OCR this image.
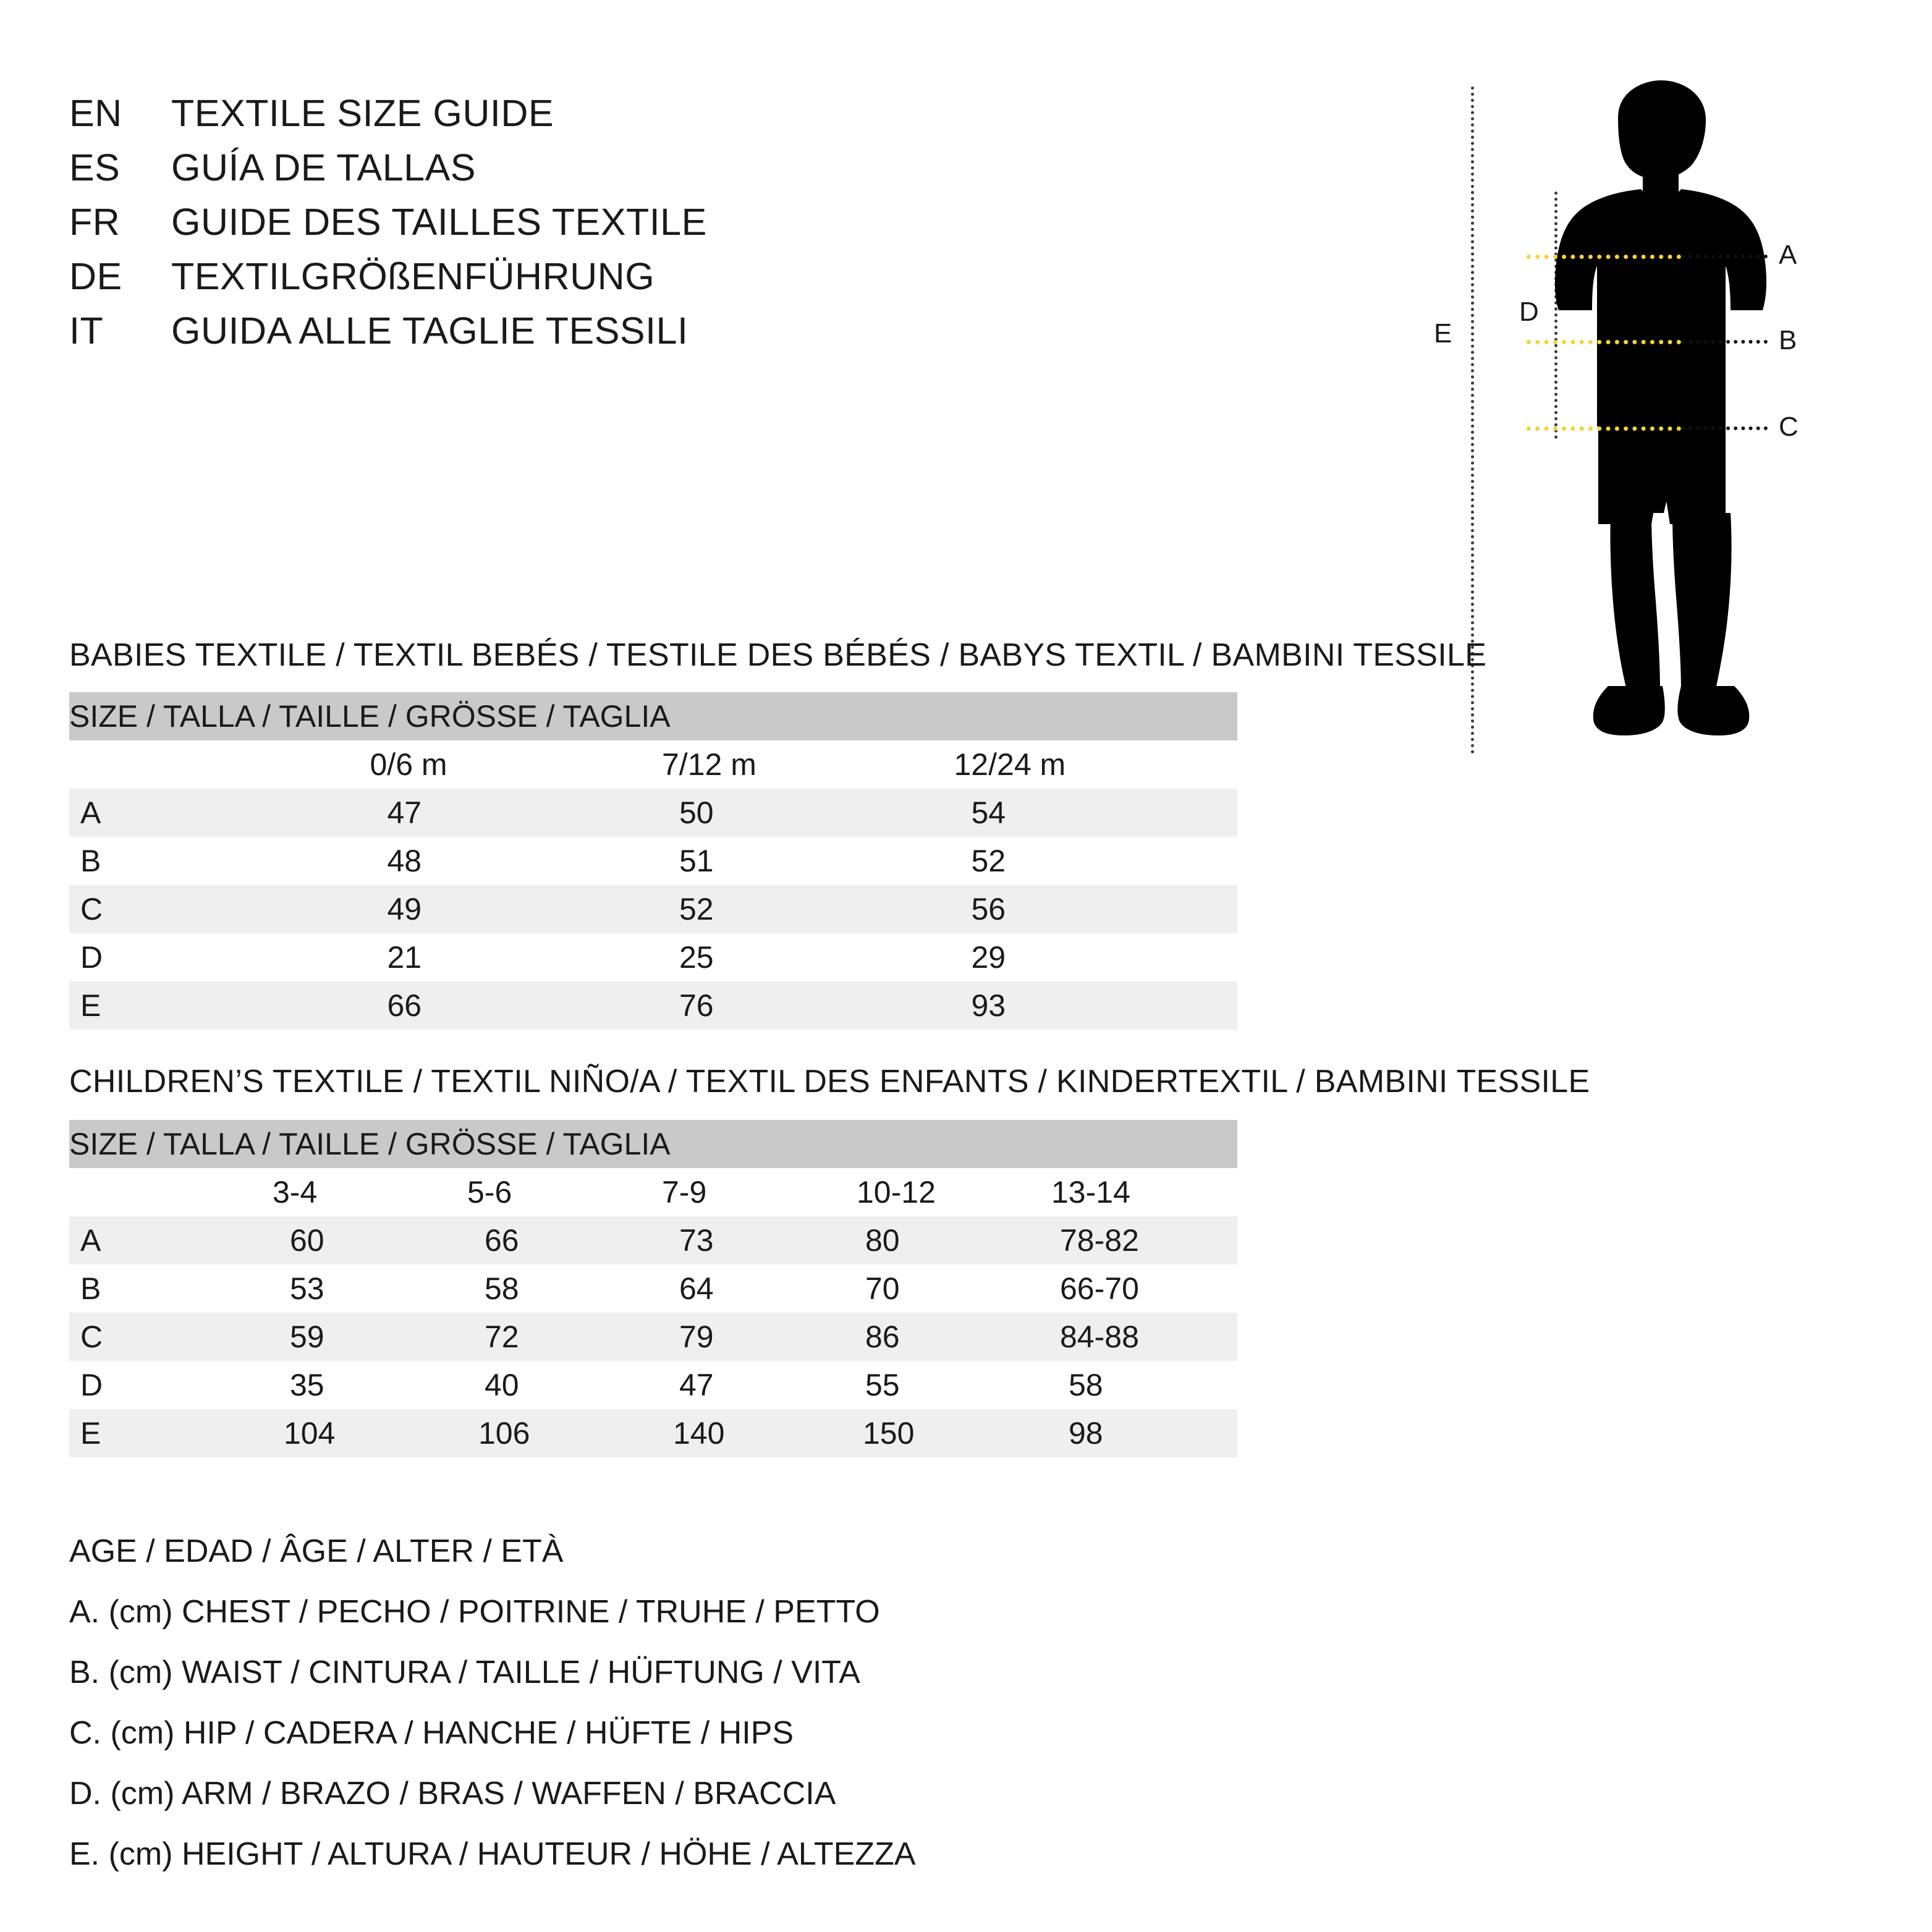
EN	TEXTILE SIZE GUIDE
ES	GUÍA DE TALLAS
FR	GUIDE DES TAILLES TEXTILE
DE	TEXTILGRÖßENFÜHRUNG
IT	GUIDA ALLE TAGLIE TESSILI	E
D
A
B
C
BABIES TEXTILE / TEXTIL BEBÉS / TESTILE DES BÉBÉS / BABYS TEXTIL / BAMBINI TESSILE
SIZE / TALLA / TAILLE / GRÖSSE / TAGLIA			
	0/6 m	7/12 m	12/24 m
A	47	50	54
B	48	51	52
C	49	52	56
D	21	25	29
E	66	76	93
CHILDREN’S TEXTILE / TEXTIL NIÑO/A / TEXTIL DES ENFANTS / KINDERTEXTIL / BAMBINI TESSILE
SIZE / TALLA / TAILLE / GRÖSSE / TAGLIA					
	3-4	5-6	7-9	10-12	13-14
A	60	66	73	80	78-82
B	53	58	64	70	66-70
C	59	72	79	86	84-88
D	35	40	47	55	58
E	104	106	140	150	98
AGE / EDAD / ÂGE / ALTER / ETÀ
A. (cm) CHEST / PECHO / POITRINE / TRUHE / PETTO
B. (cm) WAIST / CINTURA / TAILLE / HÜFTUNG / VITA
C. (cm) HIP / CADERA / HANCHE / HÜFTE / HIPS
D. (cm) ARM / BRAZO / BRAS / WAFFEN / BRACCIA
E. (cm) HEIGHT / ALTURA / HAUTEUR / HÖHE / ALTEZZA
